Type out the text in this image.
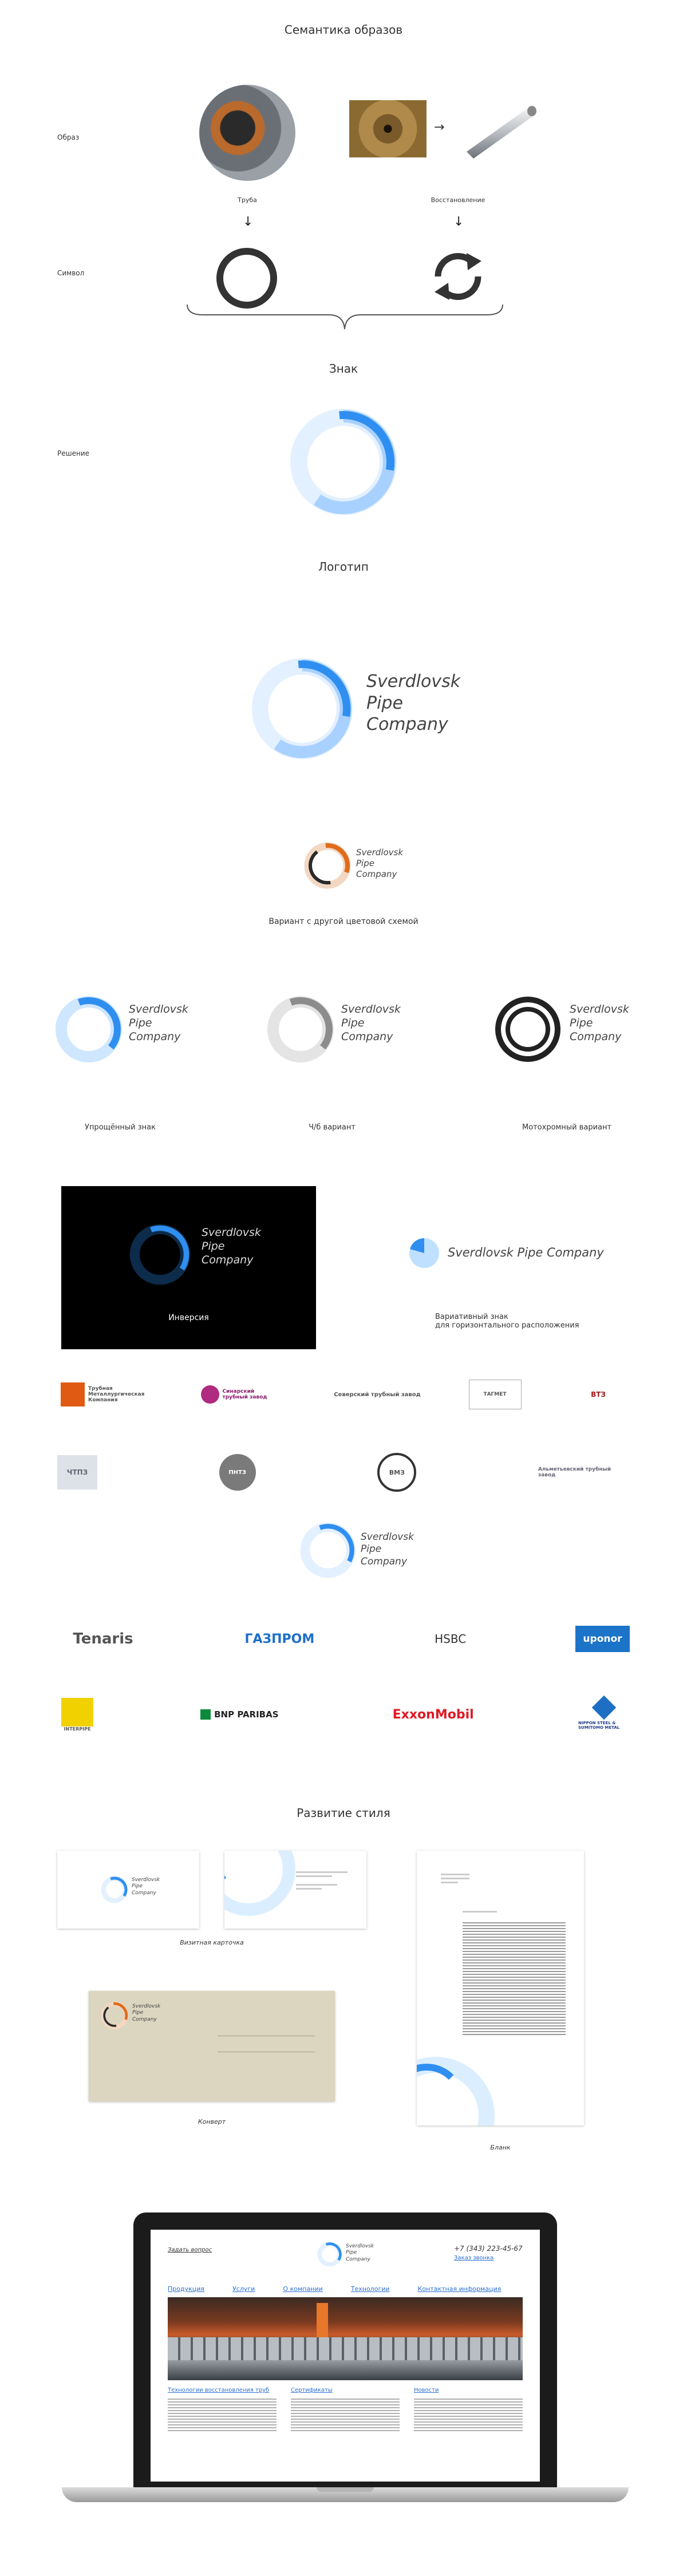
Семантика образов
Образ
Символ
Решение
→
Труба	Восстановление
↓	↓
Знак
Логотип
Sverdlovsk
Pipe
Company
Sverdlovsk
Pipe
Company
Вариант с другой цветовой схемой
Sverdlovsk
Pipe
Company
Упрощённый знак
Sverdlovsk
Pipe
Company
Ч/б вариант
Sverdlovsk
Pipe
Company
Мотохромный вариант
Sverdlovsk
Pipe
Company
Инверсия
Sverdlovsk Pipe Company
Вариативный знак
для горизонтального расположения
Трубная Металлургическая Компания
Синарский трубный завод	Северский трубный завод	ТАГМЕТ	ВТЗ
ЧТПЗ	ПНТЗ	ВМЗ	Альметьевский трубный завод
Sverdlovsk
Pipe
Company
Tenaris	ГАЗПРОМ	HSBC	uponor
INTERPIPE
BNP PARIBAS	ExxonMobil
NIPPON STEEL & SUMITOMO METAL
Развитие стиля
Sverdlovsk
Pipe
Company
Визитная карточка
Sverdlovsk
Pipe
Company
Конверт
Бланк
Задать вопрос
Sverdlovsk
Pipe
Company
+7 (343) 223-45-67
Заказ звонка
Продукция	Услуги	О компании	Технологии	Контактная информация
Технологии восстановления труб	Сертификаты	Новости
